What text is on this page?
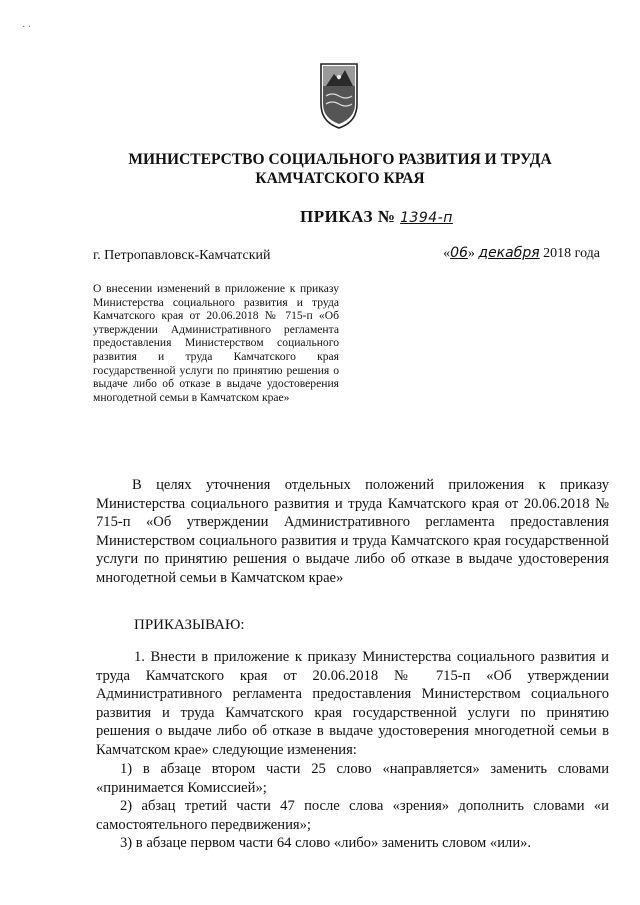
· ·
МИНИСТЕРСТВО СОЦИАЛЬНОГО РАЗВИТИЯ И ТРУДА
КАМЧАТСКОГО КРАЯ
ПРИКАЗ № 1394-п
г. Петропавловск-Камчатский	«06» декабря 2018 года

О внесении изменений в приложение к приказу Министерства социального развития и труда Камчатского края от 20.06.2018 № 715-п «Об утверждении Административного регламента предоставления Министерством социального развития и труда Камчатского края государственной услуги по принятию решения о выдаче либо об отказе в выдаче удостоверения многодетной семьи в Камчатском крае»

В целях уточнения отдельных положений приложения к приказу Министерства социального развития и труда Камчатского края от 20.06.2018 № 715-п «Об утверждении Административного регламента предоставления Министерством социального развития и труда Камчатского края государственной услуги по принятию решения о выдаче либо об отказе в выдаче удостоверения многодетной семьи в Камчатском крае»

ПРИКАЗЫВАЮ:

1. Внести в приложение к приказу Министерства социального развития и труда Камчатского края от 20.06.2018 № 715-п «Об утверждении Административного регламента предоставления Министерством социального развития и труда Камчатского края государственной услуги по принятию решения о выдаче либо об отказе в выдаче удостоверения многодетной семьи в Камчатском крае» следующие изменения:

1) в абзаце втором части 25 слово «направляется» заменить словами «принимается Комиссией»;

2) абзац третий части 47 после слова «зрения» дополнить словами «и самостоятельного передвижения»;

3) в абзаце первом части 64 слово «либо» заменить словом «или».
